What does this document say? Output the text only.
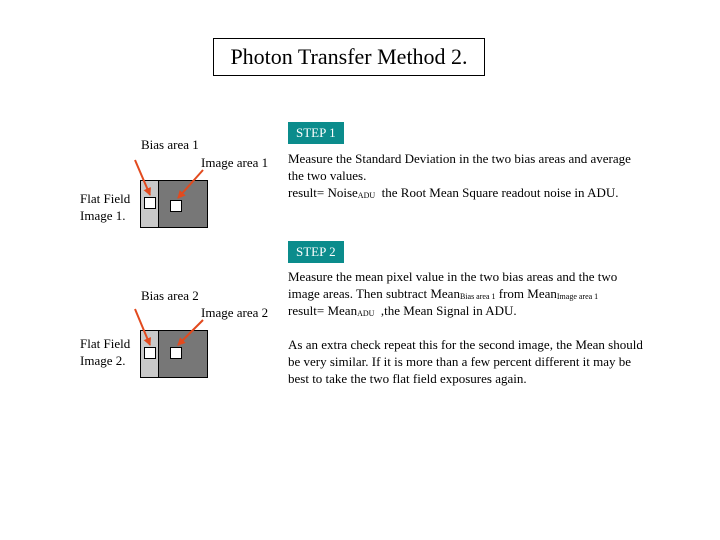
Photon Transfer Method 2.
Bias area 1
Image area 1
Flat Field
Image 1.
Bias area 2
Image area 2
Flat Field
Image 2.
STEP 1
Measure the Standard Deviation in the two bias areas and average
the two values.
result= NoiseADU  the Root Mean Square readout noise in ADU.
STEP 2
Measure the mean pixel value in the two bias areas and the two
image areas. Then subtract MeanBias area 1 from MeanImage area 1
result= MeanADU  ,the Mean Signal in ADU.
As an extra check repeat this for the second image, the Mean should
be very similar. If it is more than a few percent different it may be
best to take the two flat field exposures again.
